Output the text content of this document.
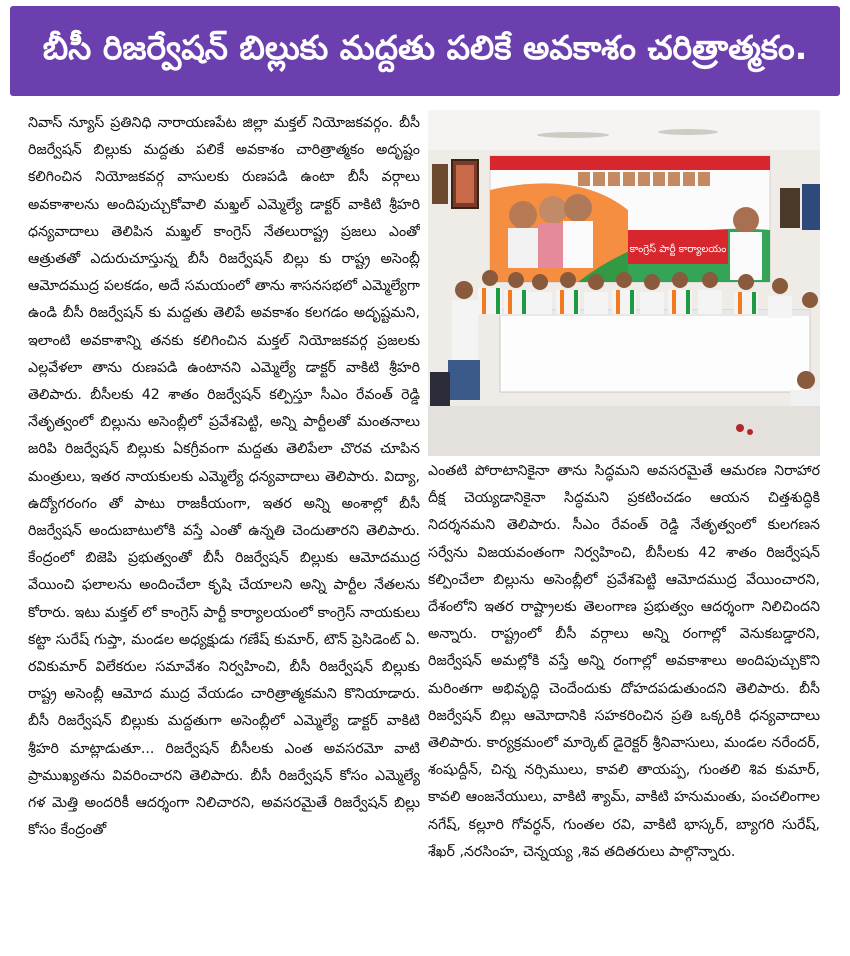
బీసీ రిజర్వేషన్ బిల్లుకు మద్దతు పలికే అవకాశం చరిత్రాత్మకం.

నివాస్ న్యూస్ ప్రతినిధి నారాయణపేట జిల్లా మక్తల్ నియోజకవర్గం. బీసీ రిజర్వేషన్ బిల్లుకు మద్దతు పలికే అవకాశం చారిత్రాత్మకం అదృష్టం కలిగించిన నియోజకవర్గ వాసులకు రుణపడి ఉంటా బీసీ వర్గాలు అవకాశాలను అందిపుచ్చుకోవాలి మఖ్తల్ ఎమ్మెల్యే డాక్టర్ వాకిటి శ్రీహరి ధన్యవాదాలు తెలిపిన మఖ్తల్ కాంగ్రెస్ నేతలురాష్ట్ర ప్రజలు ఎంతో ఆత్రుతతో ఎదురుచూస్తున్న బీసీ రిజర్వేషన్ బిల్లు కు రాష్ట్ర అసెంబ్లీ ఆమోదముద్ర పలకడం, అదే సమయంలో తాను శాసనసభలో ఎమ్మెల్యేగా ఉండి బీసీ రిజర్వేషన్ కు మద్దతు తెలిపే అవకాశం కలగడం అదృష్టమని, ఇలాంటి అవకాశాన్ని తనకు కలిగించిన మక్తల్ నియోజకవర్గ ప్రజలకు ఎల్లవేళలా తాను రుణపడి ఉంటానని ఎమ్మెల్యే డాక్టర్ వాకిటి శ్రీహరి తెలిపారు. బీసీలకు 42 శాతం రిజర్వేషన్ కల్పిస్తూ సీఎం రేవంత్ రెడ్డి నేతృత్వంలో బిల్లును అసెంబ్లీలో ప్రవేశపెట్టి, అన్ని పార్టీలతో మంతనాలు జరిపి రిజర్వేషన్ బిల్లుకు ఏకగ్రీవంగా మద్దతు తెలిపేలా చొరవ చూపిన మంత్రులు, ఇతర నాయకులకు ఎమ్మెల్యే ధన్యవాదాలు తెలిపారు. విద్యా, ఉద్యోగరంగం తో పాటు రాజకీయంగా, ఇతర అన్ని అంశాల్లో బీసీ రిజర్వేషన్ అందుబాటులోకి వస్తే ఎంతో ఉన్నతి చెందుతారని తెలిపారు. కేంద్రంలో బిజెపి ప్రభుత్వంతో బీసీ రిజర్వేషన్ బిల్లుకు ఆమోదముద్ర వేయించి ఫలాలను అందించేలా కృషి చేయాలని అన్ని పార్టీల నేతలను కోరారు. ఇటు మక్తల్ లో కాంగ్రెస్ పార్టీ కార్యాలయంలో కాంగ్రెస్ నాయకులు కట్టా సురేష్ గుప్తా, మండల అధ్యక్షుడు గణేష్ కుమార్, టౌన్ ప్రెసిడెంట్ ఏ. రవికుమార్ విలేకరుల సమావేశం నిర్వహించి, బీసీ రిజర్వేషన్ బిల్లుకు రాష్ట్ర అసెంబ్లీ ఆమోద ముద్ర వేయడం చారిత్రాత్మకమని కొనియాడారు. బీసీ రిజర్వేషన్ బిల్లుకు మద్దతుగా అసెంబ్లీలో ఎమ్మెల్యే డాక్టర్ వాకిటి శ్రీహరి మాట్లాడుతూ... రిజర్వేషన్ బీసీలకు ఎంత అవసరమో వాటి ప్రాముఖ్యతను వివరించారని తెలిపారు. బీసీ రిజర్వేషన్ కోసం ఎమ్మెల్యే గళ మెత్తి అందరికీ ఆదర్శంగా నిలిచారని, అవసరమైతే రిజర్వేషన్ బిల్లు కోసం కేంద్రంతో

కాంగ్రెస్ పార్టీ కార్యాలయం

ఎంతటి పోరాటానికైనా తాను సిద్ధమని అవసరమైతే ఆమరణ నిరాహార దీక్ష చెయ్యడానికైనా సిద్ధమని ప్రకటించడం ఆయన చిత్తశుద్ధికి నిదర్శనమని తెలిపారు. సీఎం రేవంత్ రెడ్డి నేతృత్వంలో కులగణన సర్వేను విజయవంతంగా నిర్వహించి, బీసీలకు 42 శాతం రిజర్వేషన్ కల్పించేలా బిల్లును అసెంబ్లీలో ప్రవేశపెట్టి ఆమోదముద్ర వేయించారని, దేశంలోని ఇతర రాష్ట్రాలకు తెలంగాణ ప్రభుత్వం ఆదర్శంగా నిలిచిందని అన్నారు. రాష్ట్రంలో బీసీ వర్గాలు అన్ని రంగాల్లో వెనుకబడ్డారని, రిజర్వేషన్ అమల్లోకి వస్తే అన్ని రంగాల్లో అవకాశాలు అందిపుచ్చుకొని మరింతగా అభివృద్ధి చెందేందుకు దోహదపడుతుందని తెలిపారు. బీసీ రిజర్వేషన్ బిల్లు ఆమోదానికి సహకరించిన ప్రతి ఒక్కరికి ధన్యవాదాలు తెలిపారు. కార్యక్రమంలో మార్కెట్ డైరెక్టర్ శ్రీనివాసులు, మండల నరేందర్, శంషుద్దీన్, చిన్న నర్సిములు, కావలి తాయప్ప, గుంతలి శివ కుమార్, కావలి ఆంజనేయులు, వాకిటి శ్యామ్, వాకిటి హనుమంతు, పంచలింగాల నగేష్, కల్లూరి గోవర్ధన్, గుంతల రవి, వాకిటి భాస్కర్, బ్యాగరి సురేష్, శేఖర్ ,నరసింహ, చెన్నయ్య ,శివ తదితరులు పాల్గొన్నారు.
